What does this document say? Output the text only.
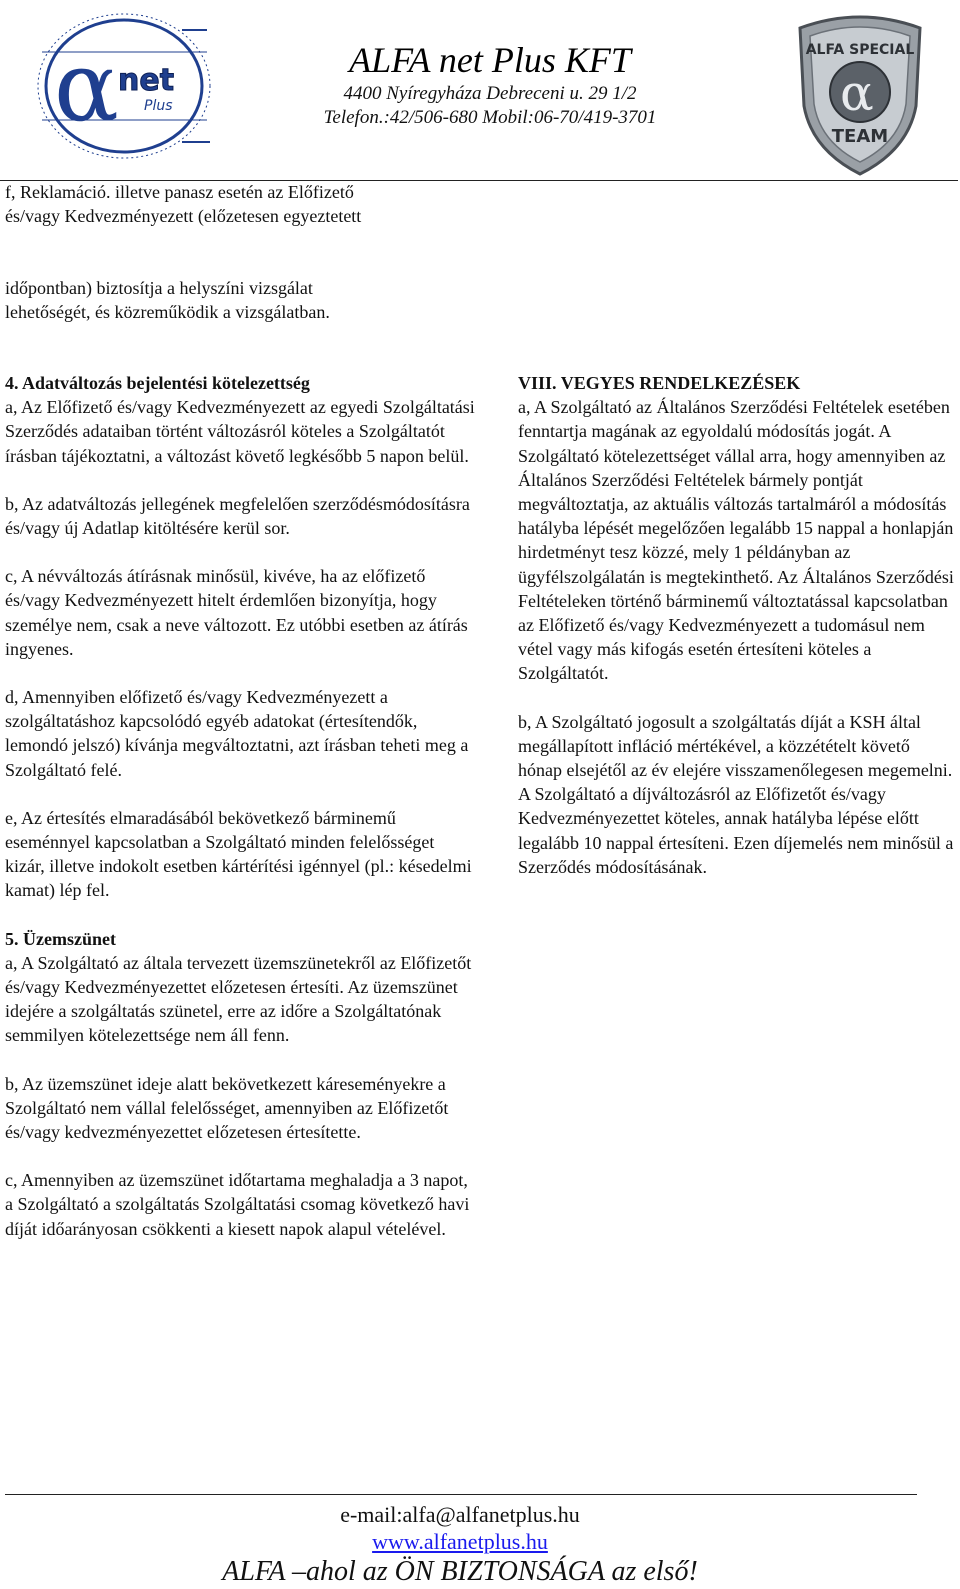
α net
Plus
ALFA net Plus KFT
4400 Nyíregyháza Debreceni u. 29 1/2
Telefon.:42/506-680 Mobil:06-70/419-3701	α
ALFA SPECIAL
TEAM

f, Reklamáció. illetve panasz esetén az Előfizető

és/vagy Kedvezményezett (előzetesen egyeztetett

időpontban) biztosítja a helyszíni vizsgálat

lehetőségét, és közreműködik a vizsgálatban.

4. Adatváltozás bejelentési kötelezettség

a, Az Előfizető és/vagy Kedvezményezett az egyedi Szolgáltatási Szerződés adataiban történt változásról köteles a Szolgáltatót írásban tájékoztatni, a változást követő legkésőbb 5 napon belül.

b, Az adatváltozás jellegének megfelelően szerződésmódosításra és/vagy új Adatlap kitöltésére kerül sor.

c, A névváltozás átírásnak minősül, kivéve, ha az előfizető és/vagy Kedvezményezett hitelt érdemlően bizonyítja, hogy személye nem, csak a neve változott. Ez utóbbi esetben az átírás ingyenes.

d, Amennyiben előfizető és/vagy Kedvezményezett a szolgáltatáshoz kapcsolódó egyéb adatokat (értesítendők, lemondó jelszó) kívánja megváltoztatni, azt írásban teheti meg a Szolgáltató felé.

e, Az értesítés elmaradásából bekövetkező bárminemű eseménnyel kapcsolatban a Szolgáltató minden felelősséget kizár, illetve indokolt esetben kártérítési igénnyel (pl.: késedelmi kamat) lép fel.

5. Üzemszünet

a, A Szolgáltató az általa tervezett üzemszünetekről az Előfizetőt és/vagy Kedvezményezettet előzetesen értesíti. Az üzemszünet idejére a szolgáltatás szünetel, erre az időre a Szolgáltatónak semmilyen kötelezettsége nem áll fenn.

b, Az üzemszünet ideje alatt bekövetkezett káreseményekre a Szolgáltató nem vállal felelősséget, amennyiben az Előfizetőt és/vagy kedvezményezettet előzetesen értesítette.

c, Amennyiben az üzemszünet időtartama meghaladja a 3 napot, a Szolgáltató a szolgáltatás Szolgáltatási csomag következő havi díját időarányosan csökkenti a kiesett napok alapul vételével.

VIII. VEGYES RENDELKEZÉSEK

a, A Szolgáltató az Általános Szerződési Feltételek esetében fenntartja magának az egyoldalú módosítás jogát. A Szolgáltató kötelezettséget vállal arra, hogy amennyiben az Általános Szerződési Feltételek bármely pontját megváltoztatja, az aktuális változás tartalmáról a módosítás hatályba lépését megelőzően legalább 15 nappal a honlapján hirdetményt tesz közzé, mely 1 példányban az ügyfélszolgálatán is megtekinthető. Az Általános Szerződési Feltételeken történő bárminemű változtatással kapcsolatban az Előfizető és/vagy Kedvezményezett a tudomásul nem vétel vagy más kifogás esetén értesíteni köteles a Szolgáltatót.

b, A Szolgáltató jogosult a szolgáltatás díját a KSH által megállapított infláció mértékével, a közzétételt követő hónap elsejétől az év elejére visszamenőlegesen megemelni. A Szolgáltató a díjváltozásról az Előfizetőt és/vagy Kedvezményezettet köteles, annak hatályba lépése előtt legalább 10 nappal értesíteni. Ezen díjemelés nem minősül a Szerződés módosításának.

e-mail:alfa@alfanetplus.hu
www.alfanetplus.hu
ALFA –ahol az ÖN BIZTONSÁGA az első!
